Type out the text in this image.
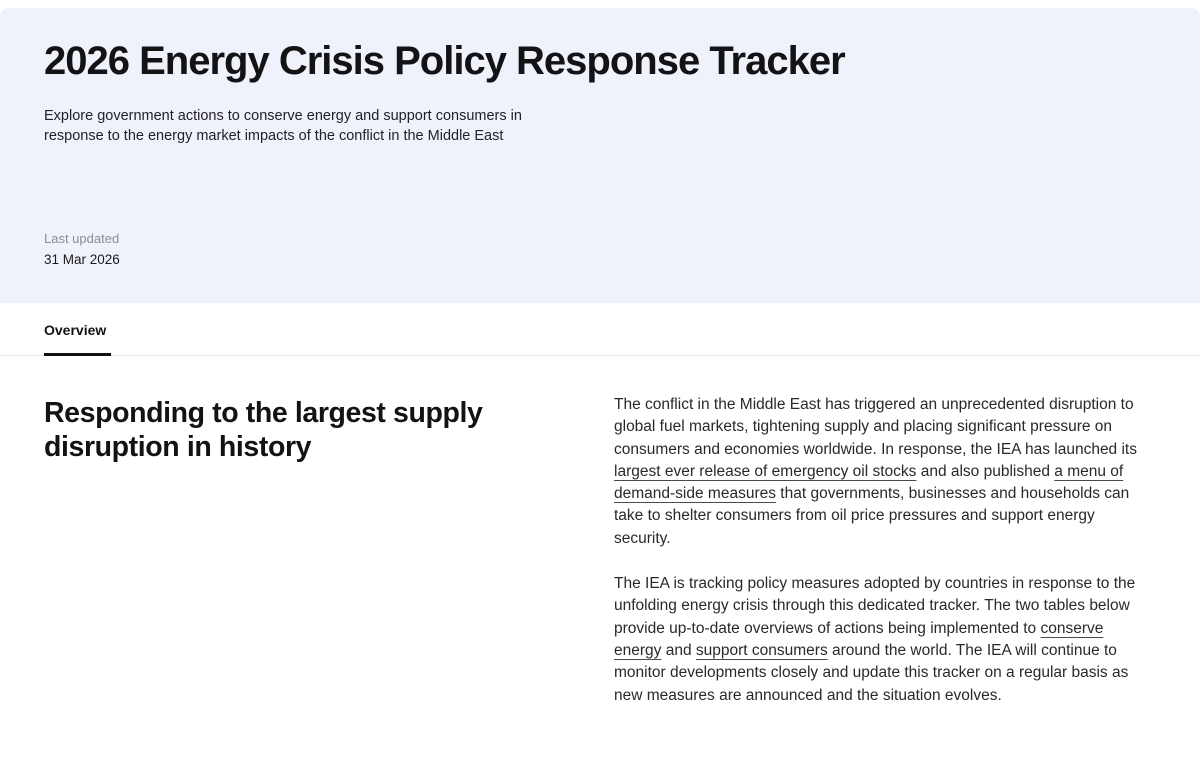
2026 Energy Crisis Policy Response Tracker

Explore government actions to conserve energy and support consumers in response to the energy market impacts of the conflict in the Middle East

Last updated
31 Mar 2026
Overview
Responding to the largest supply disruption in history

The conflict in the Middle East has triggered an unprecedented disruption to global fuel markets, tightening supply and placing significant pressure on consumers and economies worldwide. In response, the IEA has launched its largest ever release of emergency oil stocks and also published a menu of demand-side measures that governments, businesses and households can take to shelter consumers from oil price pressures and support energy security.

The IEA is tracking policy measures adopted by countries in response to the unfolding energy crisis through this dedicated tracker. The two tables below provide up-to-date overviews of actions being implemented to conserve energy and support consumers around the world. The IEA will continue to monitor developments closely and update this tracker on a regular basis as new measures are announced and the situation evolves.
